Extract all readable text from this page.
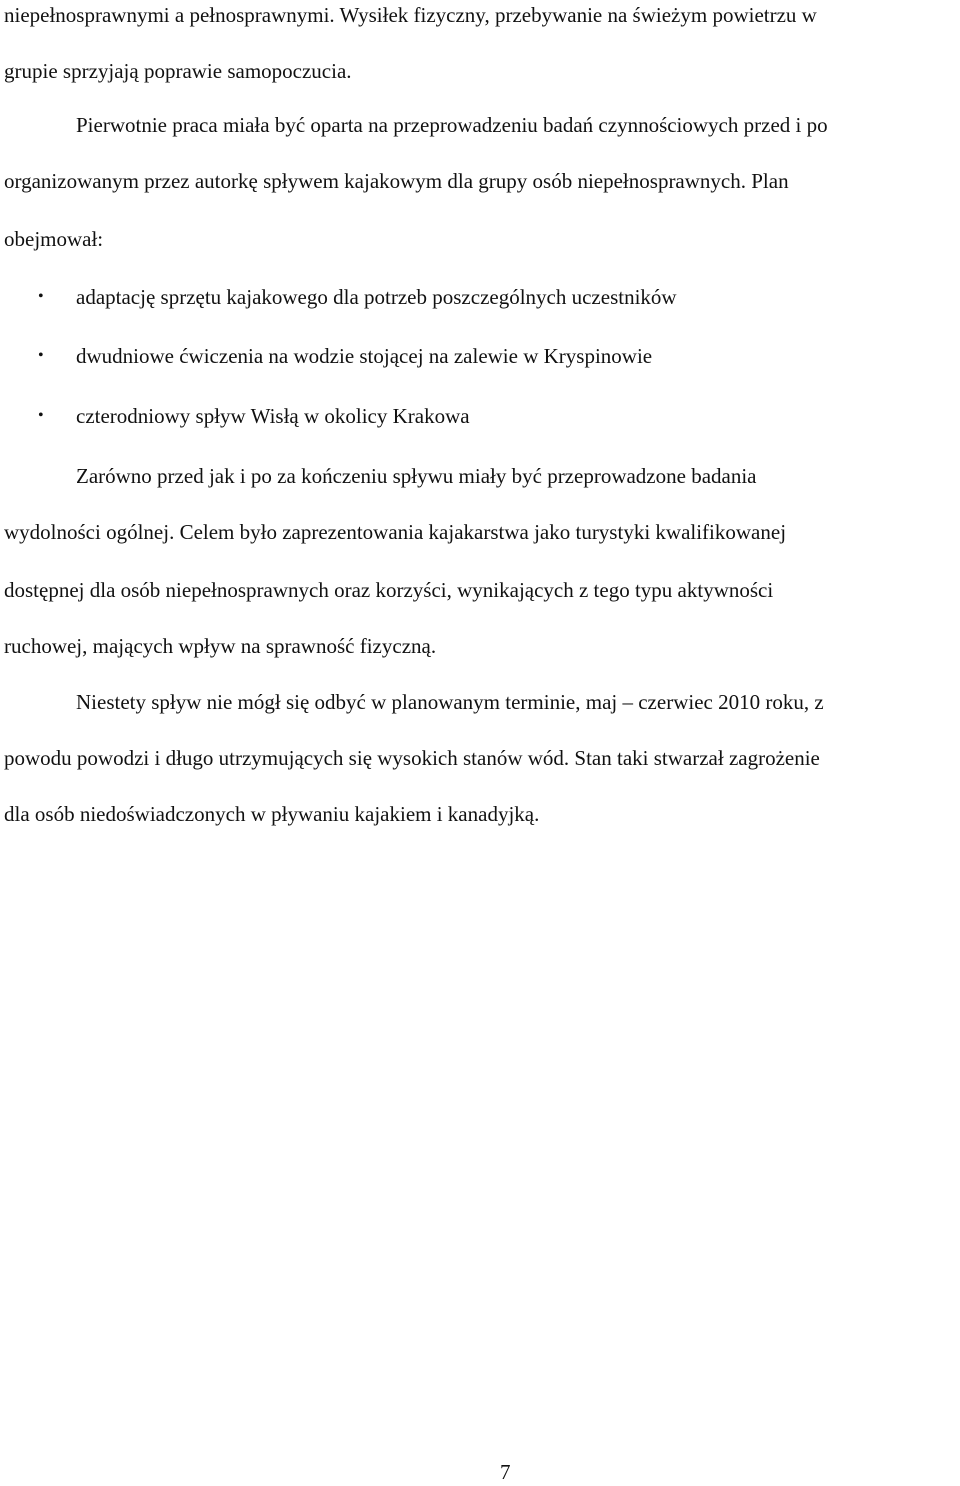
niepełnosprawnymi a pełnosprawnymi. Wysiłek fizyczny, przebywanie na świeżym powietrzu w
grupie sprzyjają poprawie samopoczucia.
Pierwotnie praca miała być oparta na przeprowadzeniu badań czynnościowych przed i po
organizowanym przez autorkę spływem kajakowym dla grupy osób niepełnosprawnych. Plan
obejmował:
• adaptację sprzętu kajakowego dla potrzeb poszczególnych uczestników
• dwudniowe ćwiczenia na wodzie stojącej na zalewie w Kryspinowie
• czterodniowy spływ Wisłą w okolicy Krakowa
Zarówno przed jak i po za kończeniu spływu miały być przeprowadzone badania
wydolności ogólnej. Celem było zaprezentowania kajakarstwa jako turystyki kwalifikowanej
dostępnej dla osób niepełnosprawnych oraz korzyści, wynikających z tego typu aktywności
ruchowej, mających wpływ na sprawność fizyczną.
Niestety spływ nie mógł się odbyć w planowanym terminie, maj – czerwiec 2010 roku, z
powodu powodzi i długo utrzymujących się wysokich stanów wód. Stan taki stwarzał zagrożenie
dla osób niedoświadczonych w pływaniu kajakiem i kanadyjką.
7
